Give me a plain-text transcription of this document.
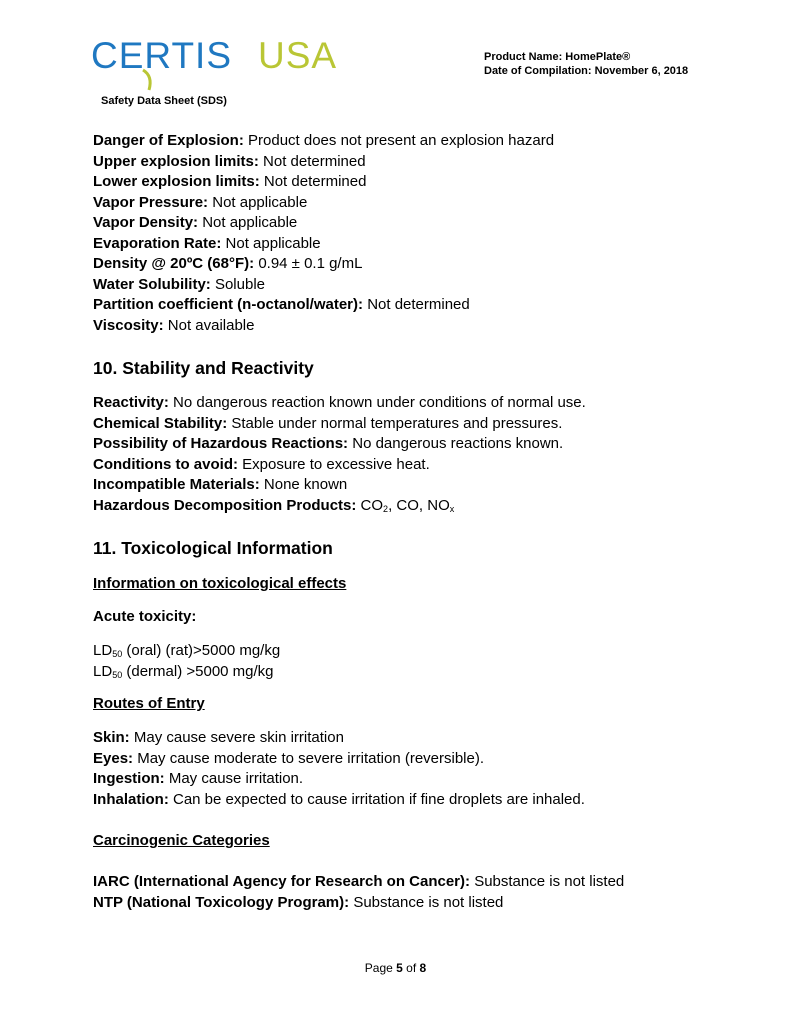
CERTIS USA
Safety Data Sheet (SDS)
Product Name: HomePlate®
Date of Compilation: November 6, 2018
Danger of Explosion: Product does not present an explosion hazard
Upper explosion limits: Not determined
Lower explosion limits: Not determined
Vapor Pressure: Not applicable
Vapor Density: Not applicable
Evaporation Rate: Not applicable
Density @ 20ºC (68°F): 0.94 ± 0.1 g/mL
Water Solubility: Soluble
Partition coefficient (n-octanol/water): Not determined
Viscosity: Not available
10. Stability and Reactivity
Reactivity: No dangerous reaction known under conditions of normal use.
Chemical Stability: Stable under normal temperatures and pressures.
Possibility of Hazardous Reactions: No dangerous reactions known.
Conditions to avoid: Exposure to excessive heat.
Incompatible Materials: None known
Hazardous Decomposition Products: $CO_2$, CO, $NO_x$
11. Toxicological Information
Information on toxicological effects
Acute toxicity:
$LD_{50}$ (oral) (rat)>5000 mg/kg
$LD_{50}$ (dermal) >5000 mg/kg
Routes of Entry
Skin: May cause severe skin irritation
Eyes: May cause moderate to severe irritation (reversible).
Ingestion: May cause irritation.
Inhalation: Can be expected to cause irritation if fine droplets are inhaled.
Carcinogenic Categories
IARC (International Agency for Research on Cancer): Substance is not listed
NTP (National Toxicology Program): Substance is not listed
Page 5 of 8
